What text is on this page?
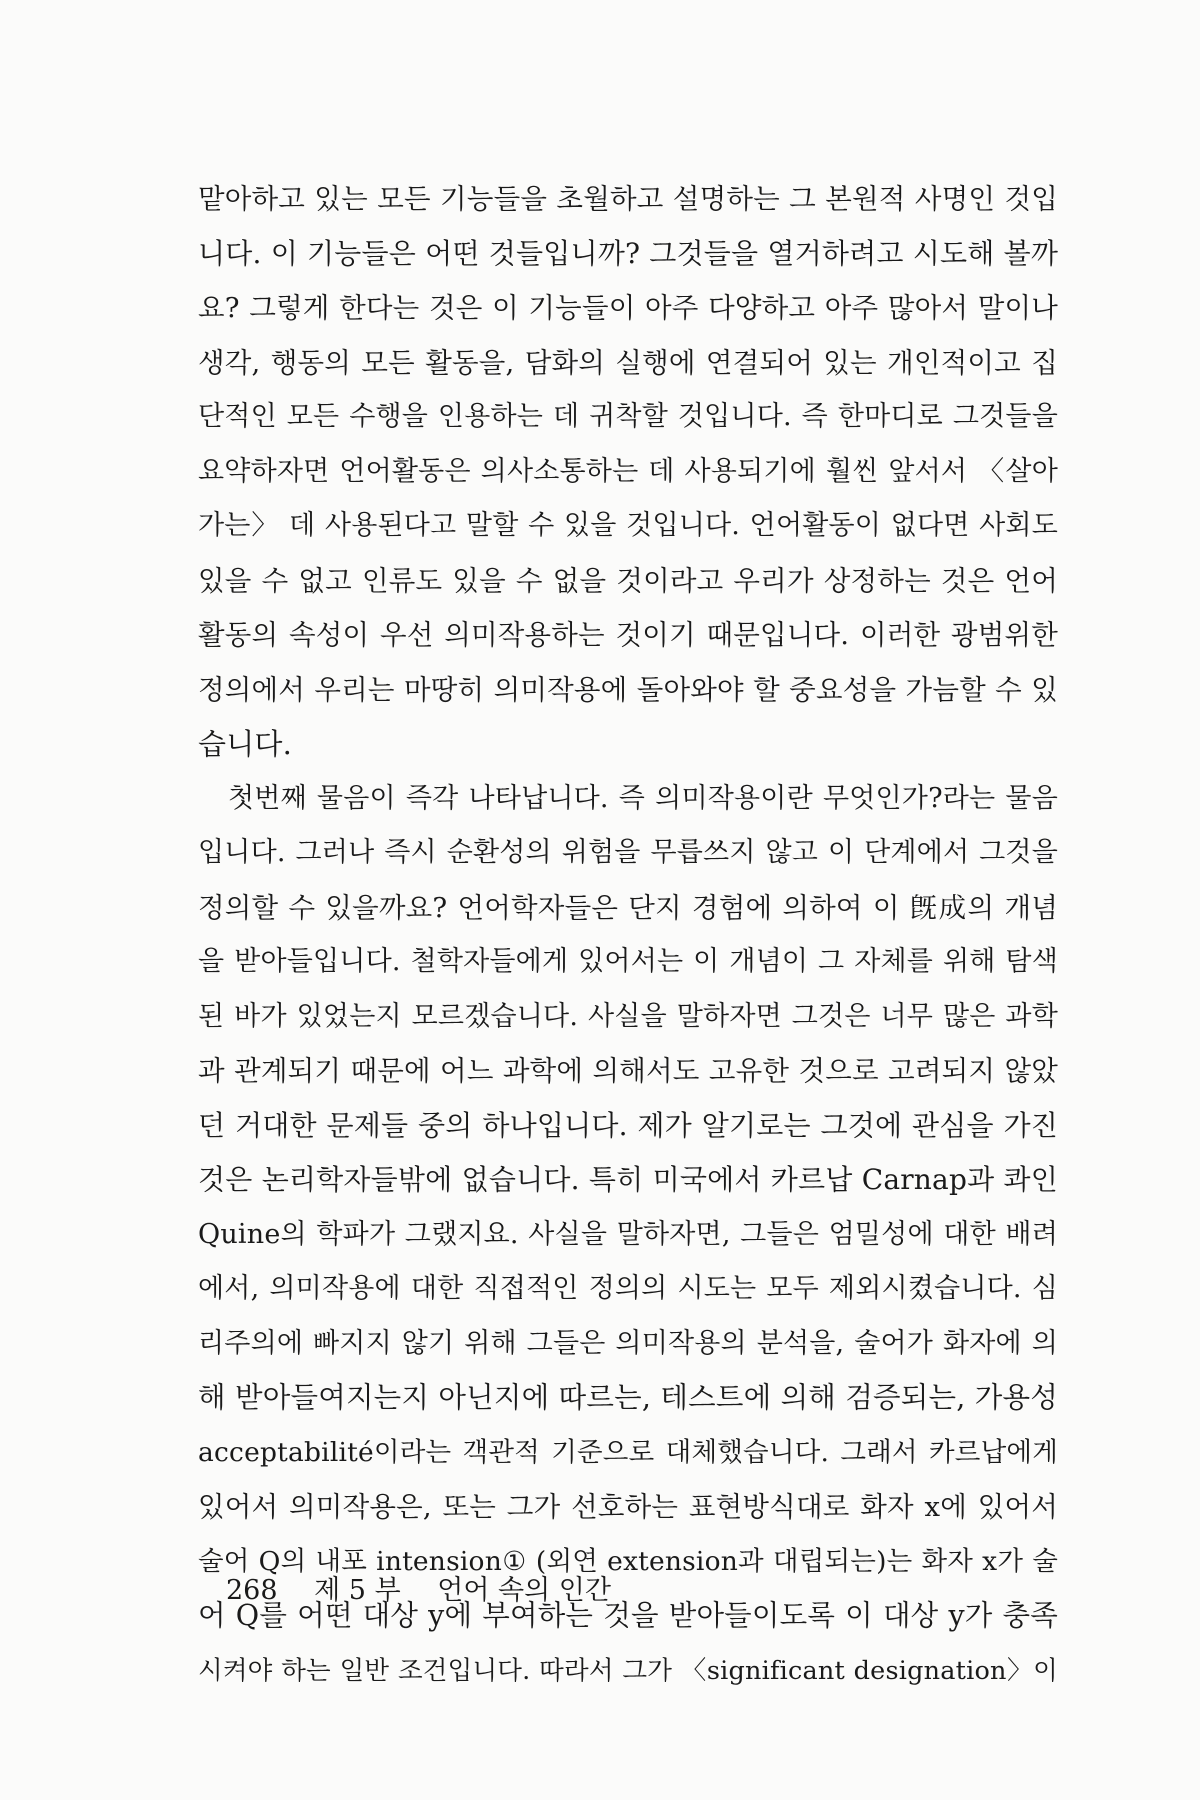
맡아하고 있는 모든 기능들을 초월하고 설명하는 그 본원적 사명인 것입
니다. 이 기능들은 어떤 것들입니까? 그것들을 열거하려고 시도해 볼까
요? 그렇게 한다는 것은 이 기능들이 아주 다양하고 아주 많아서 말이나
생각, 행동의 모든 활동을, 담화의 실행에 연결되어 있는 개인적이고 집
단적인 모든 수행을 인용하는 데 귀착할 것입니다. 즉 한마디로 그것들을
요약하자면 언어활동은 의사소통하는 데 사용되기에 훨씬 앞서서 〈살아
가는〉 데 사용된다고 말할 수 있을 것입니다. 언어활동이 없다면 사회도
있을 수 없고 인류도 있을 수 없을 것이라고 우리가 상정하는 것은 언어
활동의 속성이 우선 의미작용하는 것이기 때문입니다. 이러한 광범위한
정의에서 우리는 마땅히 의미작용에 돌아와야 할 중요성을 가늠할 수 있
습니다.
첫번째 물음이 즉각 나타납니다. 즉 의미작용이란 무엇인가?라는 물음
입니다. 그러나 즉시 순환성의 위험을 무릅쓰지 않고 이 단계에서 그것을
정의할 수 있을까요? 언어학자들은 단지 경험에 의하여 이 旣成의 개념
을 받아들입니다. 철학자들에게 있어서는 이 개념이 그 자체를 위해 탐색
된 바가 있었는지 모르겠습니다. 사실을 말하자면 그것은 너무 많은 과학
과 관계되기 때문에 어느 과학에 의해서도 고유한 것으로 고려되지 않았
던 거대한 문제들 중의 하나입니다. 제가 알기로는 그것에 관심을 가진
것은 논리학자들밖에 없습니다. 특히 미국에서 카르납 Carnap과 콰인
Quine의 학파가 그랬지요. 사실을 말하자면, 그들은 엄밀성에 대한 배려
에서, 의미작용에 대한 직접적인 정의의 시도는 모두 제외시켰습니다. 심
리주의에 빠지지 않기 위해 그들은 의미작용의 분석을, 술어가 화자에 의
해 받아들여지는지 아닌지에 따르는, 테스트에 의해 검증되는, 가용성
acceptabilité이라는 객관적 기준으로 대체했습니다. 그래서 카르납에게
있어서 의미작용은, 또는 그가 선호하는 표현방식대로 화자 x에 있어서
술어 Q의 내포 intension① (외연 extension과 대립되는)는 화자 x가 술
어 Q를 어떤 대상 y에 부여하는 것을 받아들이도록 이 대상 y가 충족
시켜야 하는 일반 조건입니다. 따라서 그가 〈significant designation〉이
268 제 5 부 언어 속의 인간
